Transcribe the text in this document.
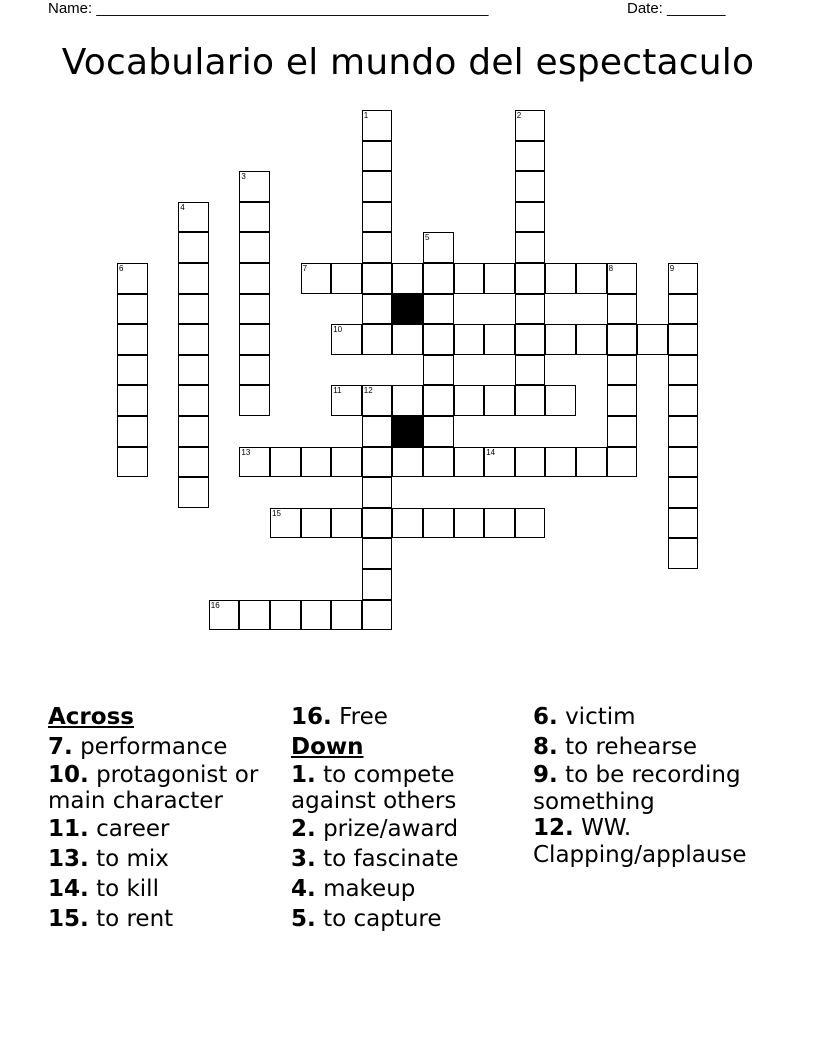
Name: _______________________________________________	Date: _______
Vocabulario el mundo del espectaculo
1	2
3
4
5
6	7	8	9
10
11	12
13	14
15
16
Across
7. performance
10. protagonist or main character
11. career
13. to mix
14. to kill
15. to rent
16. Free
Down
1. to compete against others
2. prize/award
3. to fascinate
4. makeup
5. to capture
6. victim
8. to rehearse
9. to be recording something
12. WW. Clapping/applause
